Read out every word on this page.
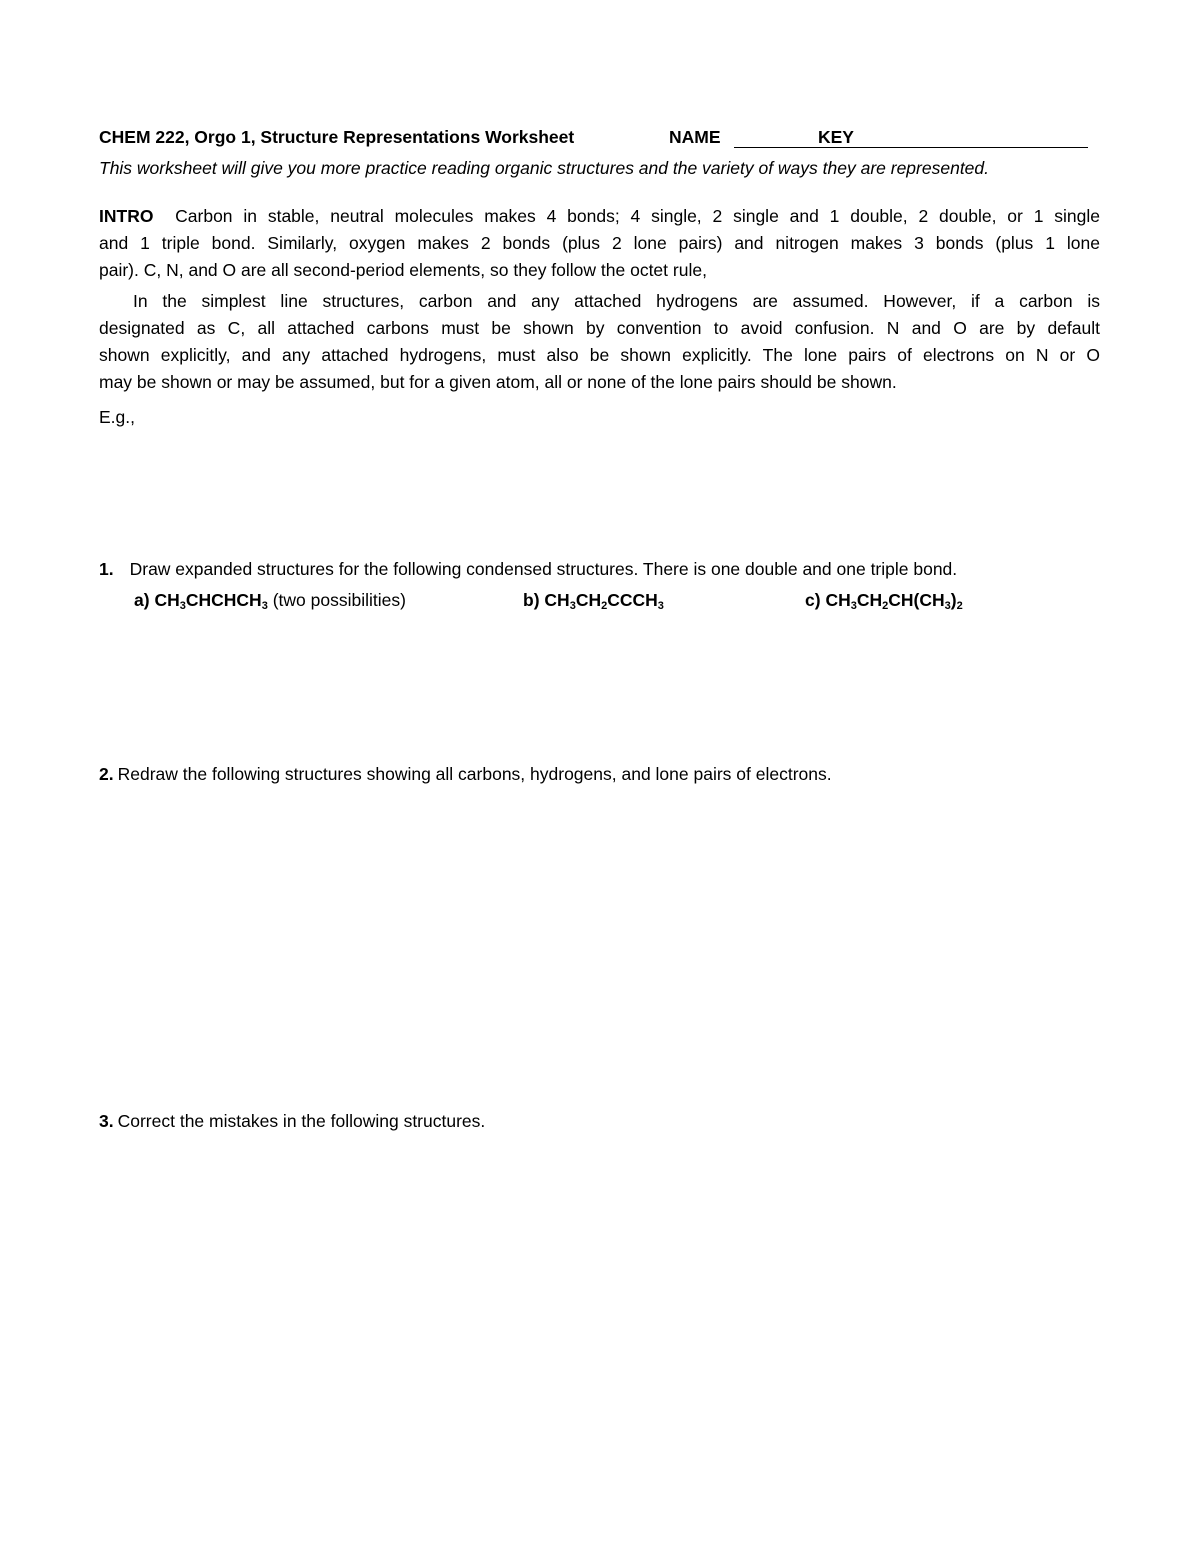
CHEM 222, Orgo 1, Structure Representations Worksheet	NAME	KEY
This worksheet will give you more practice reading organic structures and the variety of ways they are represented.
INTRO Carbon in stable, neutral molecules makes 4 bonds; 4 single, 2 single and 1 double, 2 double, or 1 single
and 1 triple bond. Similarly, oxygen makes 2 bonds (plus 2 lone pairs) and nitrogen makes 3 bonds (plus 1 lone
pair). C, N, and O are all second-period elements, so they follow the octet rule,
In the simplest line structures, carbon and any attached hydrogens are assumed. However, if a carbon is
designated as C, all attached carbons must be shown by convention to avoid confusion. N and O are by default
shown explicitly, and any attached hydrogens, must also be shown explicitly. The lone pairs of electrons on N or O
may be shown or may be assumed, but for a given atom, all or none of the lone pairs should be shown.
E.g.,
1. Draw expanded structures for the following condensed structures. There is one double and one triple bond.
a) $CH_3CHCHCH_3$ (two possibilities)	b) $CH_3CH_2CCCH_3$	c) $CH_3CH_2CH(CH_3)_2$
2. Redraw the following structures showing all carbons, hydrogens, and lone pairs of electrons.
3. Correct the mistakes in the following structures.
